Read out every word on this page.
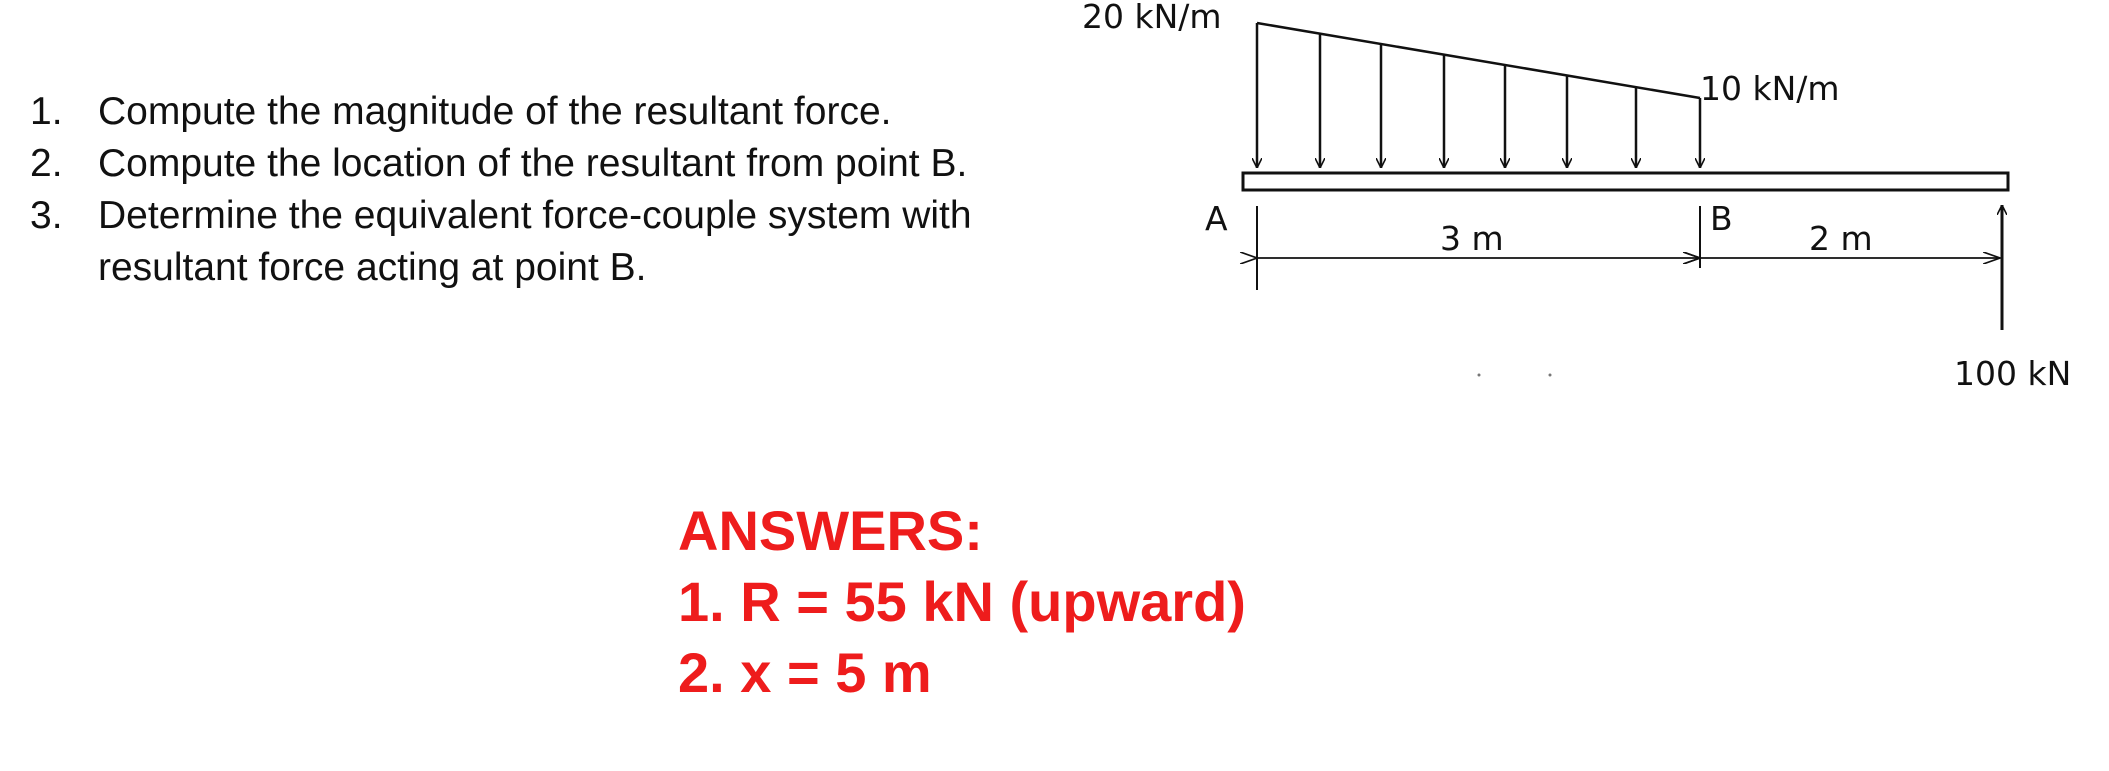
1. Compute the magnitude of the resultant force.
2. Compute the location of the resultant from point B.
3. Determine the equivalent force-couple system with resultant force acting at point B.
20 kN/m
10 kN/m
A	B
3 m	2 m
100 kN
ANSWERS:
1. R = 55 kN (upward)
2. x = 5 m
